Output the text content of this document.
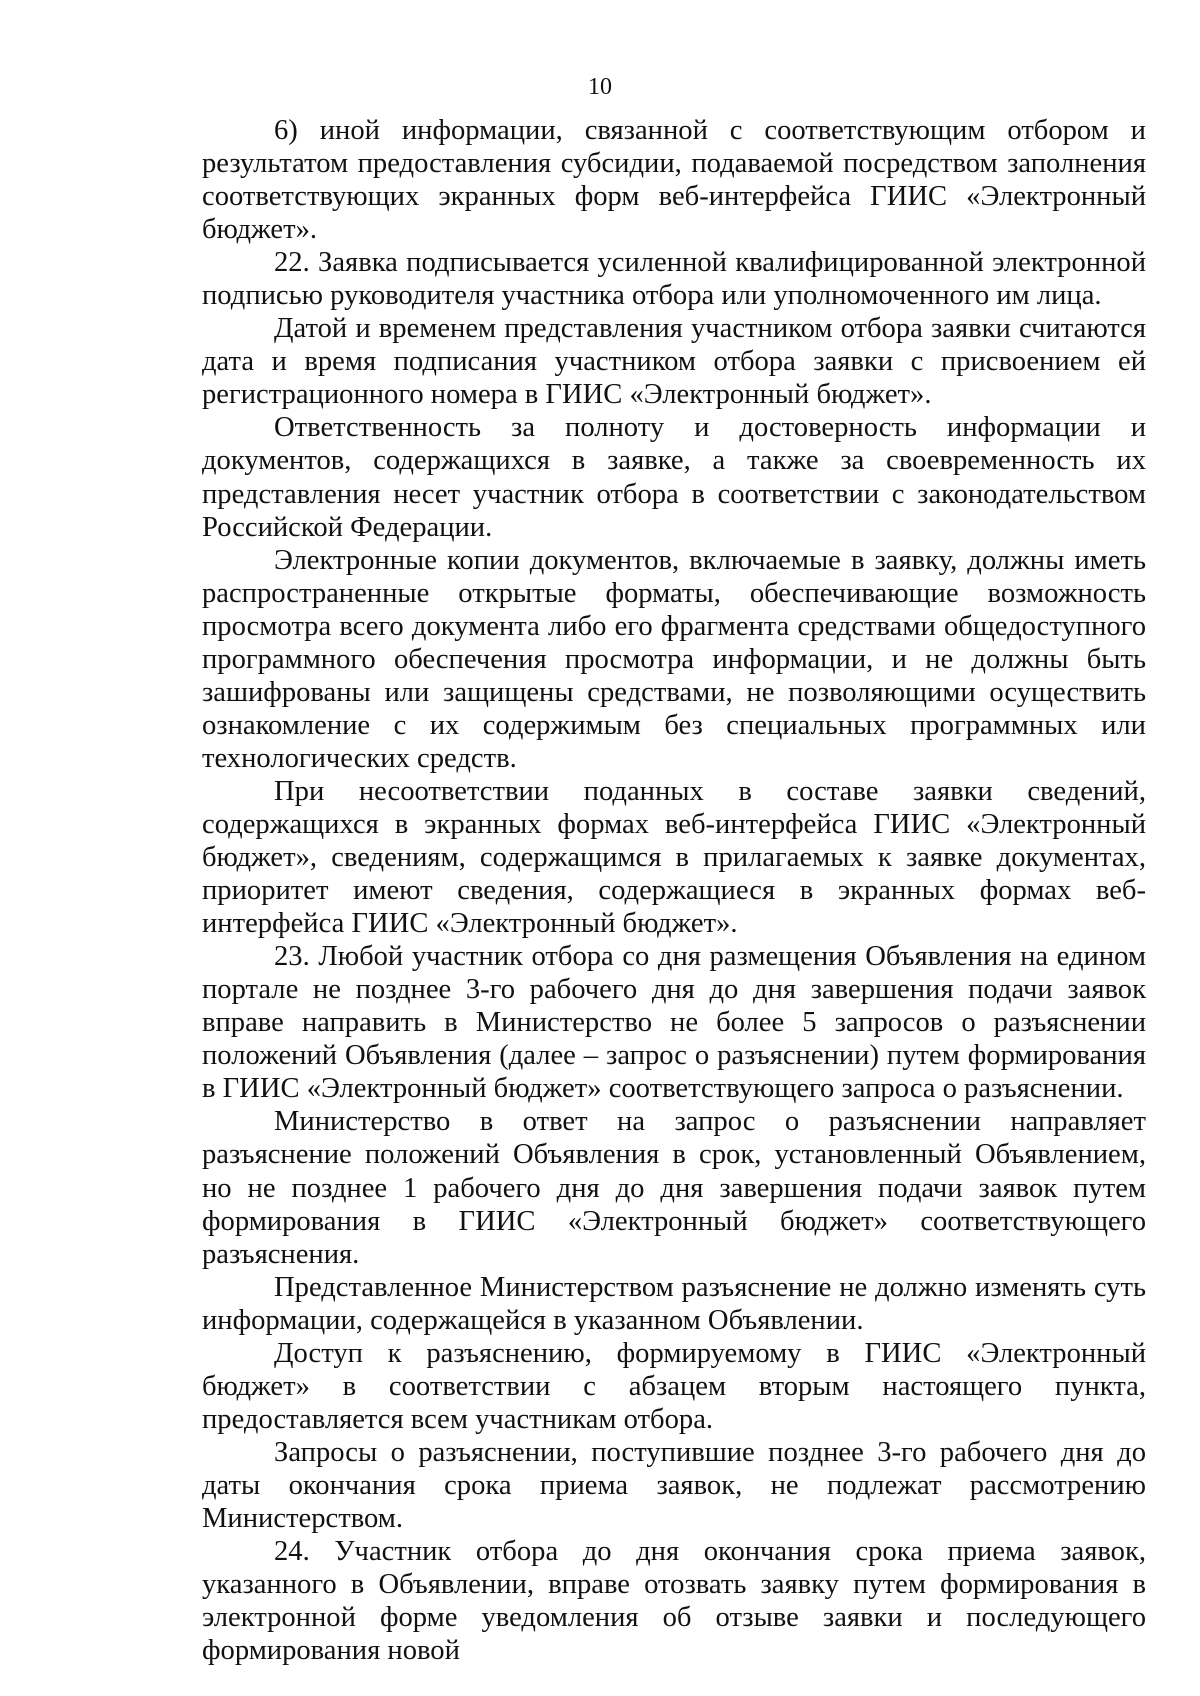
10

6) иной информации, связанной с соответствующим отбором и результатом предоставления субсидии, подаваемой посредством заполнения соответствующих экранных форм веб-интерфейса ГИИС «Электронный бюджет».

22. Заявка подписывается усиленной квалифицированной электронной подписью руководителя участника отбора или уполномоченного им лица.

Датой и временем представления участником отбора заявки считаются дата и время подписания участником отбора заявки с присвоением ей регистрационного номера в ГИИС «Электронный бюджет».

Ответственность за полноту и достоверность информации и документов, содержащихся в заявке, а также за своевременность их представления несет участник отбора в соответствии с законодательством Российской Федерации.

Электронные копии документов, включаемые в заявку, должны иметь распространенные открытые форматы, обеспечивающие возможность просмотра всего документа либо его фрагмента средствами общедоступного программного обеспечения просмотра информации, и не должны быть зашифрованы или защищены средствами, не позволяющими осуществить ознакомление с их содержимым без специальных программных или технологических средств.

При несоответствии поданных в составе заявки сведений, содержащихся в экранных формах веб-интерфейса ГИИС «Электронный бюджет», сведениям, содержащимся в прилагаемых к заявке документах, приоритет имеют сведения, содержащиеся в экранных формах веб-интерфейса ГИИС «Электронный бюджет».

23. Любой участник отбора со дня размещения Объявления на едином портале не позднее 3-го рабочего дня до дня завершения подачи заявок вправе направить в Министерство не более 5 запросов о разъяснении положений Объявления (далее – запрос о разъяснении) путем формирования в ГИИС «Электронный бюджет» соответствующего запроса о разъяснении.

Министерство в ответ на запрос о разъяснении направляет разъяснение положений Объявления в срок, установленный Объявлением, но не позднее 1 рабочего дня до дня завершения подачи заявок путем формирования в ГИИС «Электронный бюджет» соответствующего разъяснения.

Представленное Министерством разъяснение не должно изменять суть информации, содержащейся в указанном Объявлении.

Доступ к разъяснению, формируемому в ГИИС «Электронный бюджет» в соответствии с абзацем вторым настоящего пункта, предоставляется всем участникам отбора.

Запросы о разъяснении, поступившие позднее 3-го рабочего дня до даты окончания срока приема заявок, не подлежат рассмотрению Министерством.

24. Участник отбора до дня окончания срока приема заявок, указанного в Объявлении, вправе отозвать заявку путем формирования в электронной форме уведомления об отзыве заявки и последующего формирования новой
